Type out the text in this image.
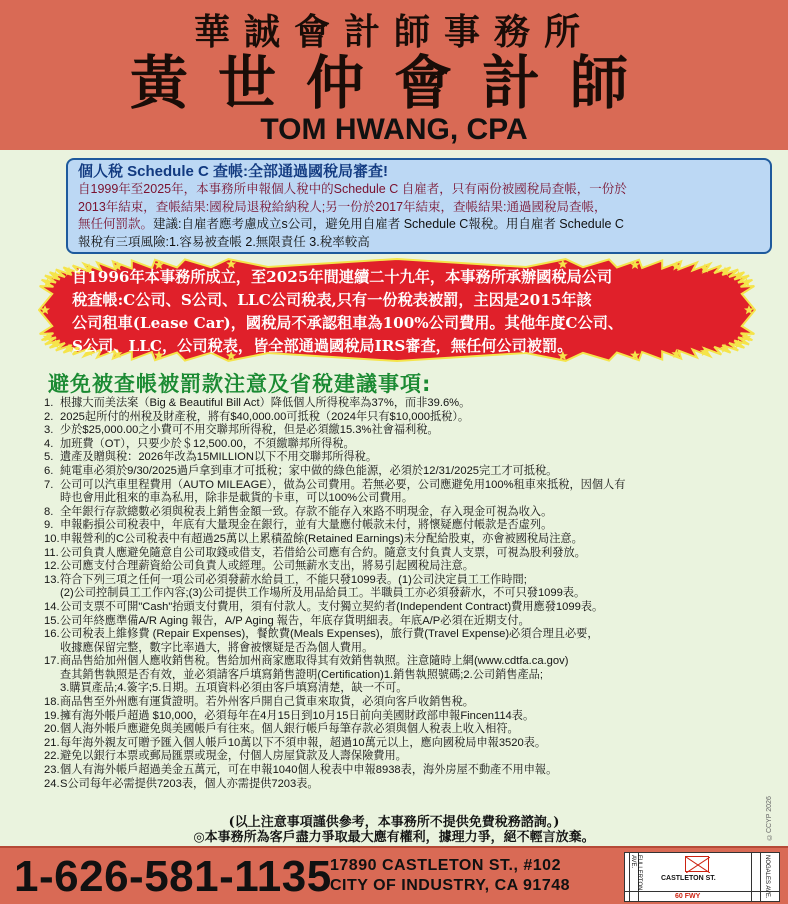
華誠會計師事務所
黃世仲會計師
TOM HWANG, CPA
個人稅 Schedule C 查帳:全部通過國稅局審查!
自1999年至2025年，本事務所申報個人稅中的Schedule C 自雇者，只有兩份被國稅局查帳，一份於
2013年結束，查帳結果:國稅局退稅給納稅人;另一份於2017年結束，查帳結果:通過國稅局查帳，
無任何罰款。建議:自雇者應考慮成立s公司，避免用自雇者 Schedule C報稅。用自雇者 Schedule C
報稅有三項風險:1.容易被查帳 2.無限責任 3.稅率較高
自1996年本事務所成立，至2025年間連續二十九年，本事務所承辦國稅局公司
稅查帳:C公司、S公司、LLC公司稅表,只有一份稅表被罰，主因是2015年該
公司租車(Lease Car)，國稅局不承認租車為100%公司費用。其他年度C公司、
S公司、LLC，公司稅表，皆全部通過國稅局IRS審查，無任何公司被罰。
避免被查帳被罰款注意及省稅建議事項:
1. 根據大而美法案（Big & Beautiful Bill Act）降低個人所得稅率為37%，而非39.6%。
2. 2025起所付的州稅及財產稅，將有$40,000.00可抵稅（2024年只有$10,000抵稅）。
3. 少於$25,000.00之小費可不用交聯邦所得稅，但是必須繳15.3%社會福利稅。
4. 加班費（OT），只要少於＄12,500.00，不須繳聯邦所得稅。
5. 遺產及贈與稅：2026年改為15MILLION以下不用交聯邦所得稅。
6. 純電車必須於9/30/2025過戶拿到車才可抵稅；家中做的綠色能源，必須於12/31/2025完工才可抵稅。
7. 公司可以汽車里程費用（AUTO MILEAGE），做為公司費用。若無必要，公司應避免用100%租車來抵稅，因個人有
時也會用此租來的車為私用，除非是載貨的卡車，可以100%公司費用。
8. 全年銀行存款總數必須與稅表上銷售金額一致。存款不能存入來路不明現金，存入現金可視為收入。
9. 申報虧損公司稅表中，年底有大量現金在銀行，並有大量應付帳款未付，將懷疑應付帳款是否虛列。
10. 申報營利的C公司稅表中有超過25萬以上累積盈餘(Retained Earnings)未分配給股東，亦會被國稅局注意。
11. 公司負責人應避免隨意自公司取錢或借支，若借給公司應有合約。隨意支付負責人支票，可視為股利發放。
12. 公司應支付合理薪資給公司負責人或經理。公司無薪水支出，將易引起國稅局注意。
13. 符合下列三項之任何一項公司必須發薪水給員工，不能只發1099表。(1)公司決定員工工作時間;
(2)公司控制員工工作內容;(3)公司提供工作場所及用品給員工。半職員工亦必須發薪水，不可只發1099表。
14. 公司支票不可開"Cash"抬頭支付費用，須有付款人。支付獨立契約者(Independent Contract)費用應發1099表。
15. 公司年終應準備A/R Aging 報告，A/P Aging 報告，年底存貨明細表。年底A/P必須在近期支付。
16. 公司稅表上維修費 (Repair Expenses)，餐飲費(Meals Expenses)，旅行費(Travel Expense)必須合理且必要，
收據應保留完整，數字比率過大，將會被懷疑是否為個人費用。
17. 商品售給加州個人應收銷售稅。售給加州商家應取得其有效銷售執照。注意隨時上網(www.cdtfa.ca.gov)
查其銷售執照是否有效，並必須請客戶填寫銷售證明(Certification)1.銷售執照號碼;2.公司銷售產品;
3.購買產品;4.簽字;5.日期。五項資料必須由客戶填寫清楚，缺一不可。
18. 商品售至外州應有運貨證明。若外州客戶開自己貨車來取貨，必須向客戶收銷售稅。
19. 擁有海外帳戶超過 $10,000，必須每年在4月15日到10月15日前向美國財政部申報Fincen114表。
20. 個人海外帳戶應避免與美國帳戶有往來。個人銀行帳戶每筆存款必須與個人稅表上收入相符。
21. 每年海外親友可贈予匯入個人帳戶10萬以下不須申報，超過10萬元以上，應向國稅局申報3520表。
22. 避免以銀行本票或郵局匯票或現金，付個人房屋貸款及人壽保險費用。
23. 個人有海外帳戶超過美金五萬元，可在申報1040個人稅表中申報8938表，海外房屋不動產不用申報。
24. S公司每年必需提供7203表，個人亦需提供7203表。
(以上注意事項謹供參考，本事務所不提供免費稅務諮詢。)
◎本事務所為客戶盡力爭取最大應有權利，據理力爭，絕不輕言放棄。	©CCYP 2026
1-626-581-1135
17890 CASTLETON ST., #102
CITY OF INDUSTRY, CA 91748	FULLERTON AVE.	NOGALES AVE.
CASTLETON ST.
60 FWY
